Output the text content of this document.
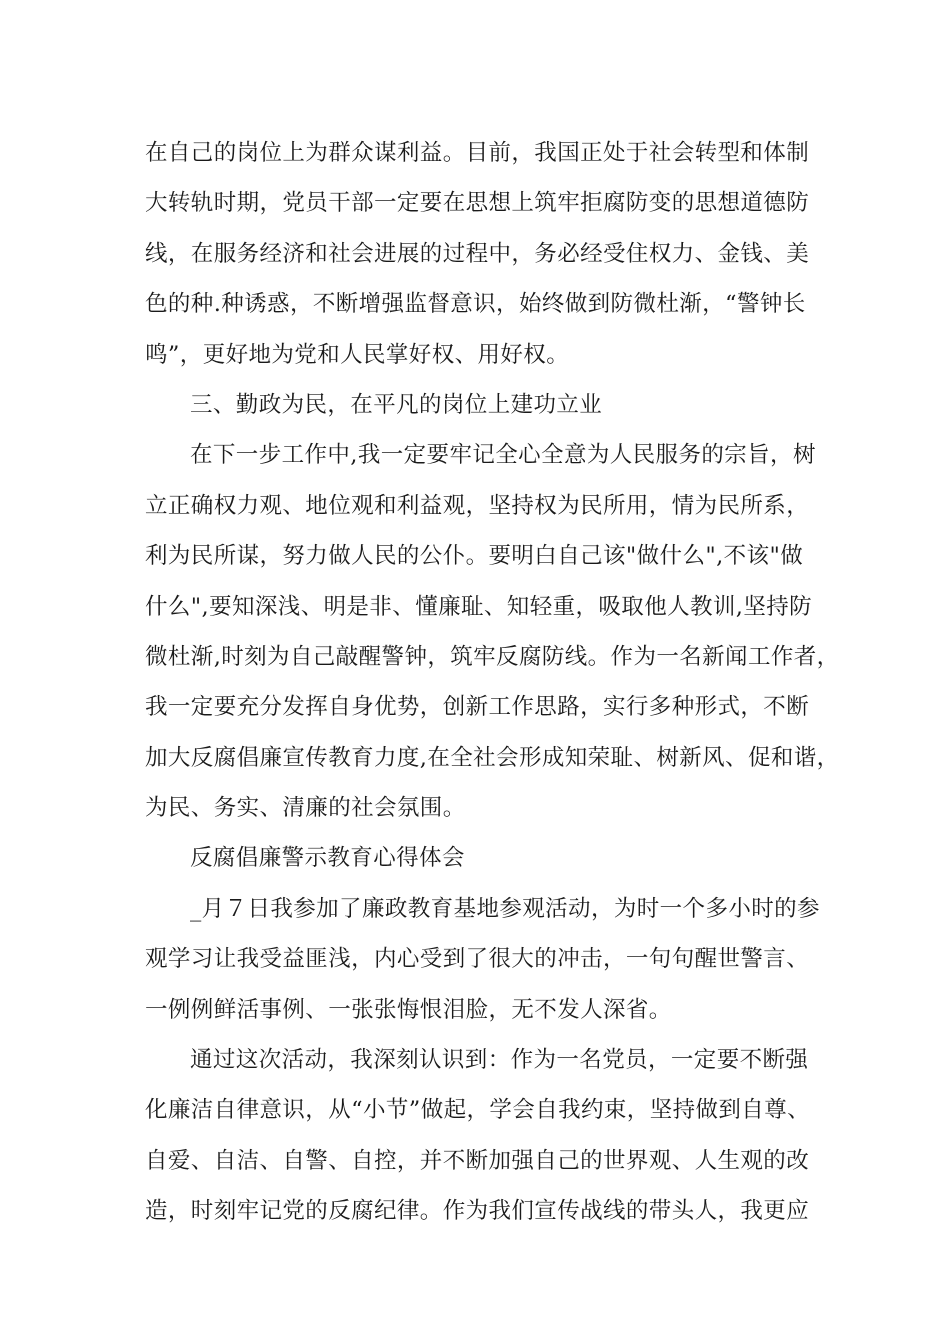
在自己的岗位上为群众谋利益。目前，我国正处于社会转型和体制
大转轨时期，党员干部一定要在思想上筑牢拒腐防变的思想道德防
线，在服务经济和社会进展的过程中，务必经受住权力、金钱、美
色的种.种诱惑，不断增强监督意识，始终做到防微杜渐，“警钟长
鸣”，更好地为党和人民掌好权、用好权。
三、勤政为民，在平凡的岗位上建功立业
在下一步工作中,我一定要牢记全心全意为人民服务的宗旨，树
立正确权力观、地位观和利益观，坚持权为民所用，情为民所系，
利为民所谋，努力做人民的公仆。要明白自己该"做什么",不该"做
什么",要知深浅、明是非、懂廉耻、知轻重，吸取他人教训,坚持防
微杜渐,时刻为自己敲醒警钟，筑牢反腐防线。作为一名新闻工作者，
我一定要充分发挥自身优势，创新工作思路，实行多种形式，不断
加大反腐倡廉宣传教育力度,在全社会形成知荣耻、树新风、促和谐，
为民、务实、清廉的社会氛围。
反腐倡廉警示教育心得体会
_月７日我参加了廉政教育基地参观活动，为时一个多小时的参
观学习让我受益匪浅，内心受到了很大的冲击，一句句醒世警言、
一例例鲜活事例、一张张悔恨泪脸，无不发人深省。
通过这次活动，我深刻认识到：作为一名党员，一定要不断强
化廉洁自律意识，从“小节”做起，学会自我约束，坚持做到自尊、
自爱、自洁、自警、自控，并不断加强自己的世界观、人生观的改
造，时刻牢记党的反腐纪律。作为我们宣传战线的带头人，我更应
